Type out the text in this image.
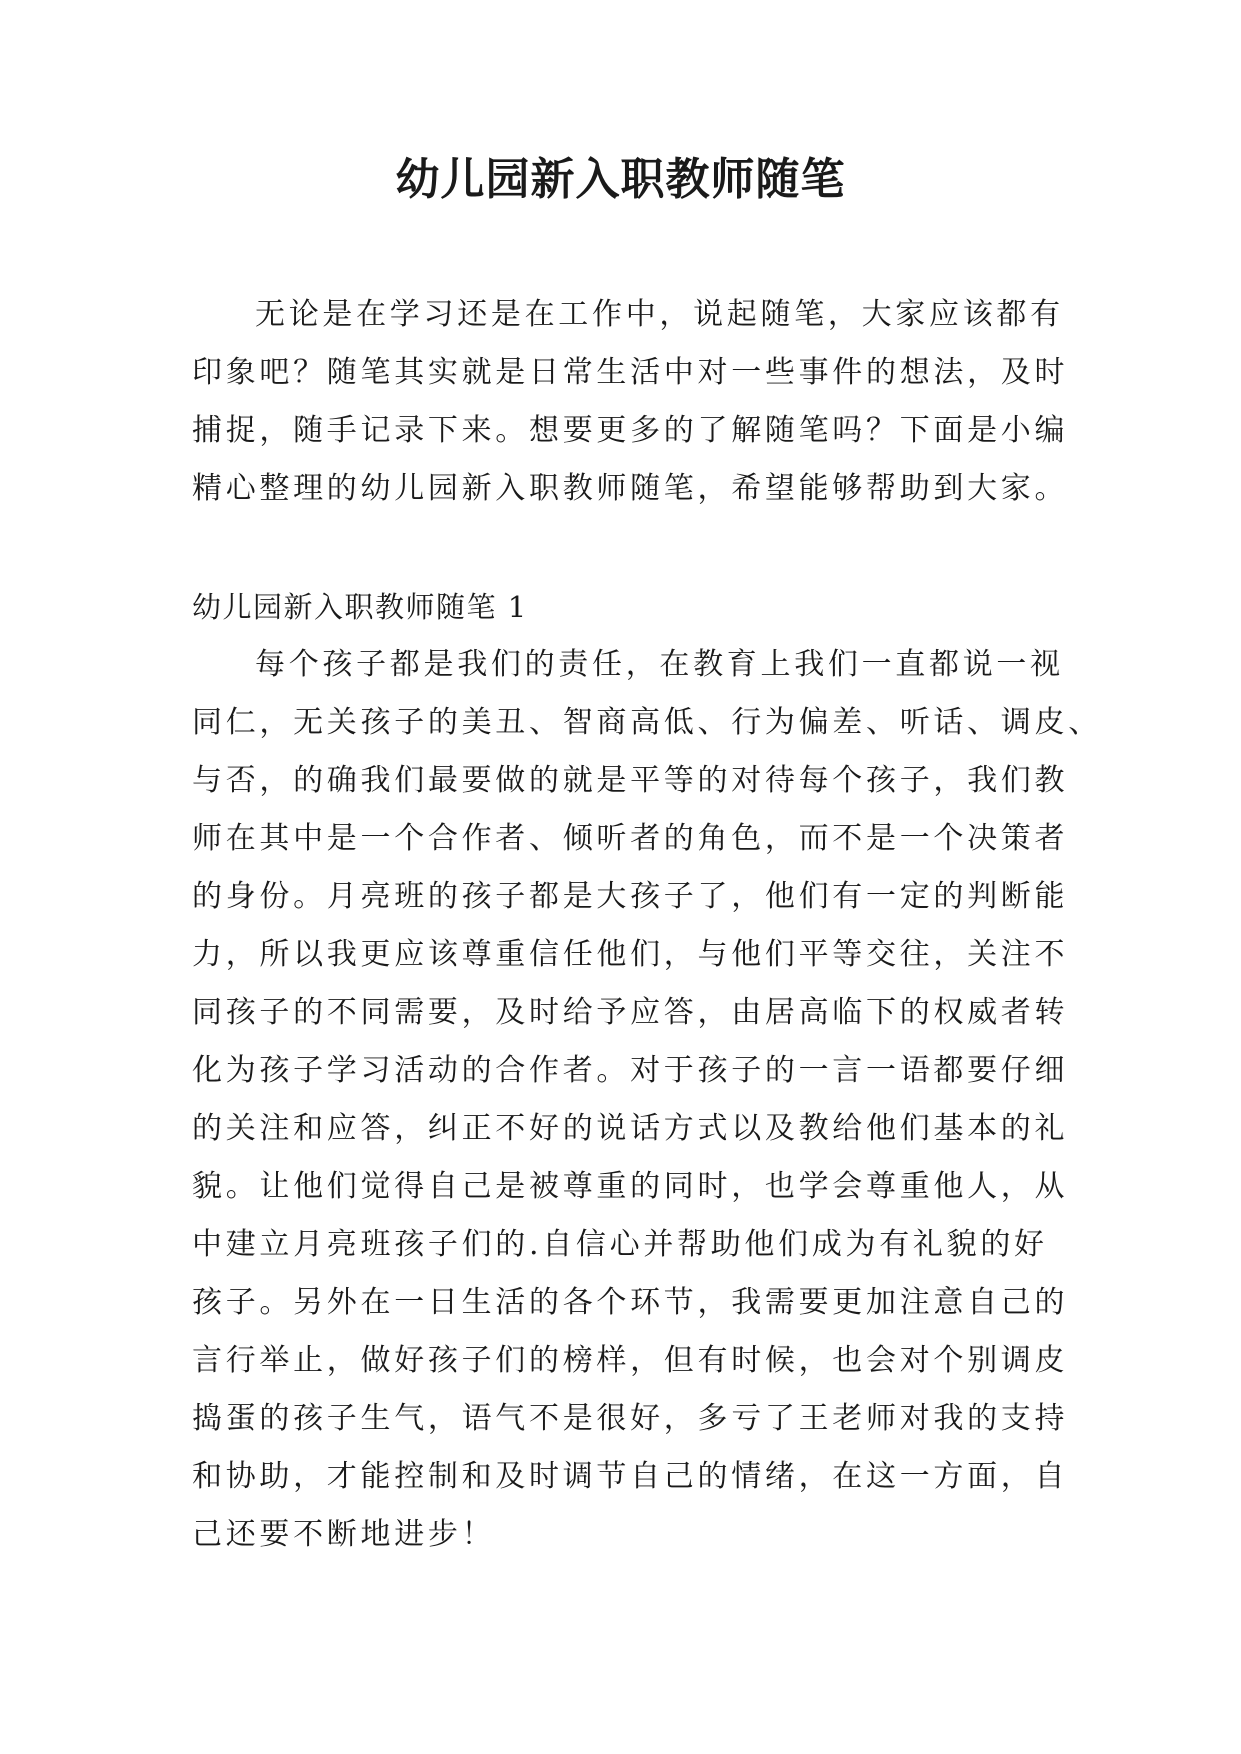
幼儿园新入职教师随笔
无论是在学习还是在工作中，说起随笔，大家应该都有
印象吧？随笔其实就是日常生活中对一些事件的想法，及时
捕捉，随手记录下来。想要更多的了解随笔吗？下面是小编
精心整理的幼儿园新入职教师随笔，希望能够帮助到大家。
幼儿园新入职教师随笔 1
每个孩子都是我们的责任，在教育上我们一直都说一视
同仁，无关孩子的美丑、智商高低、行为偏差、听话、调皮、
与否，的确我们最要做的就是平等的对待每个孩子，我们教
师在其中是一个合作者、倾听者的角色，而不是一个决策者
的身份。月亮班的孩子都是大孩子了，他们有一定的判断能
力，所以我更应该尊重信任他们，与他们平等交往，关注不
同孩子的不同需要，及时给予应答，由居高临下的权威者转
化为孩子学习活动的合作者。对于孩子的一言一语都要仔细
的关注和应答，纠正不好的说话方式以及教给他们基本的礼
貌。让他们觉得自己是被尊重的同时，也学会尊重他人，从
中建立月亮班孩子们的.自信心并帮助他们成为有礼貌的好
孩子。另外在一日生活的各个环节，我需要更加注意自己的
言行举止，做好孩子们的榜样，但有时候，也会对个别调皮
捣蛋的孩子生气，语气不是很好，多亏了王老师对我的支持
和协助，才能控制和及时调节自己的情绪，在这一方面，自
己还要不断地进步！
